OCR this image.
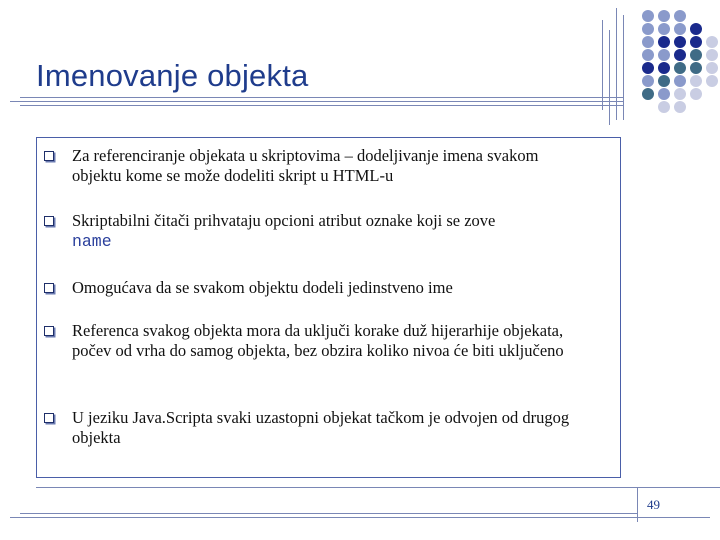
Imenovanje objekta
Za referenciranje objekata u skriptovima – dodeljivanje imena svakom objektu kome se može dodeliti skript u HTML-u
Skriptabilni čitači prihvataju opcioni atribut oznake koji se zove
name
Omogućava da se svakom objektu dodeli jedinstveno ime
Referenca svakog objekta mora da uključi korake duž hijerarhije objekata, počev od vrha do samog objekta, bez obzira koliko nivoa će biti uključeno
U jeziku Java.Scripta svaki uzastopni objekat tačkom je odvojen od drugog objekta
49
